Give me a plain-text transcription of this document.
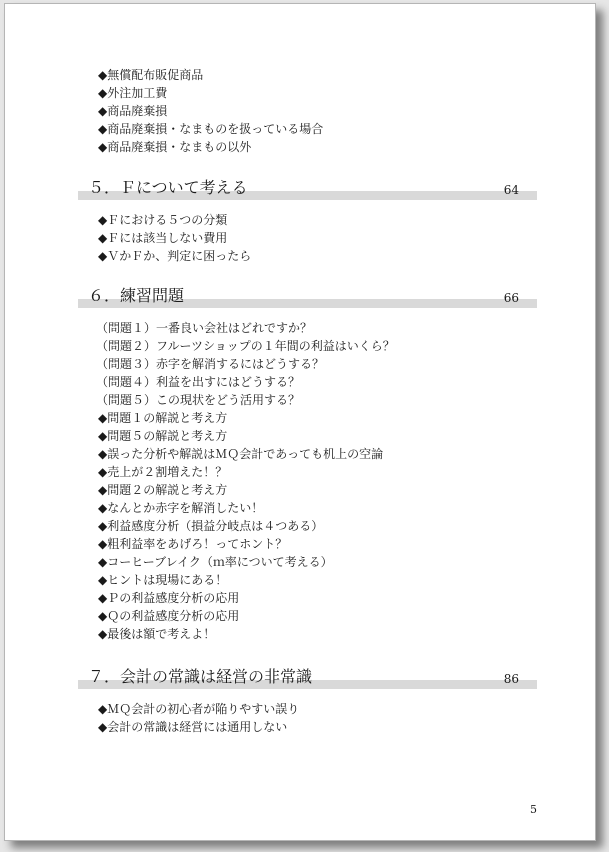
◆無償配布販促商品
◆外注加工費
◆商品廃棄損
◆商品廃棄損・なまものを扱っている場合
◆商品廃棄損・なまもの以外
５．Ｆについて考える	64
◆Ｆにおける５つの分類
◆Ｆには該当しない費用
◆ＶかＦか、判定に困ったら
６．練習問題	66
（問題１）一番良い会社はどれですか？
（問題２）フルーツショップの１年間の利益はいくら？
（問題３）赤字を解消するにはどうする？
（問題４）利益を出すにはどうする？
（問題５）この現状をどう活用する？
◆問題１の解説と考え方
◆問題５の解説と考え方
◆誤った分析や解説はＭＱ会計であっても机上の空論
◆売上が２割増えた！？
◆問題２の解説と考え方
◆なんとか赤字を解消したい！
◆利益感度分析（損益分岐点は４つある）
◆粗利益率をあげろ！ってホント？
◆コーヒーブレイク（ｍ率について考える）
◆ヒントは現場にある！
◆Ｐの利益感度分析の応用
◆Ｑの利益感度分析の応用
◆最後は額で考えよ！
７．会計の常識は経営の非常識	86
◆ＭＱ会計の初心者が陥りやすい誤り
◆会計の常識は経営には通用しない
5
